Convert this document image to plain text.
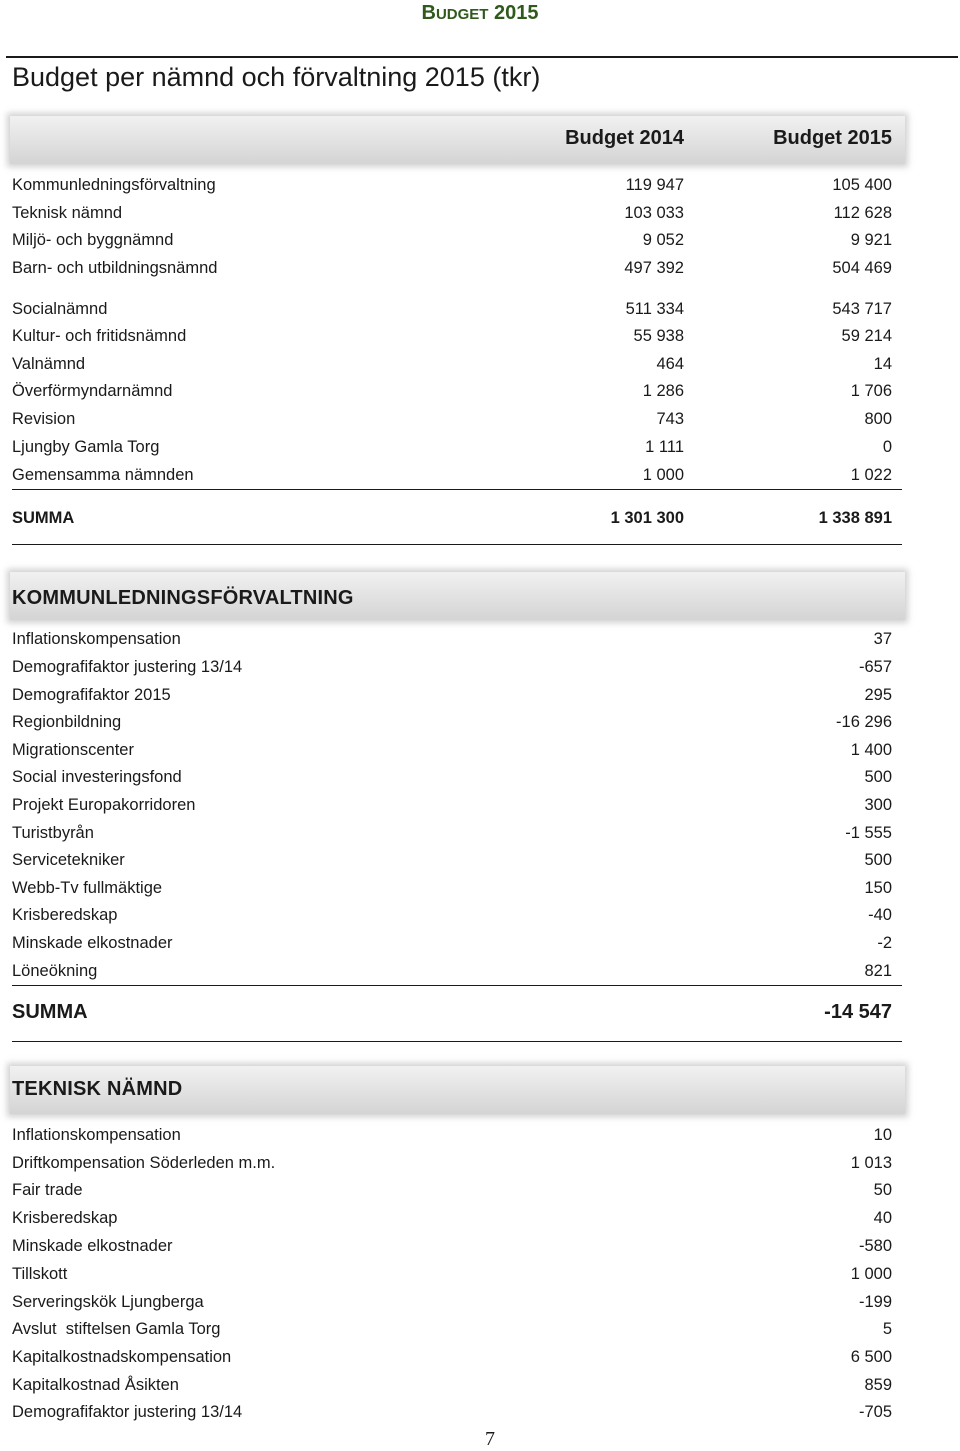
BUDGET 2015
Budget per nämnd och förvaltning 2015 (tkr)
Budget 2014	Budget 2015
Kommunledningsförvaltning	119 947	105 400
Teknisk nämnd	103 033	112 628
Miljö- och byggnämnd	9 052	9 921
Barn- och utbildningsnämnd	497 392	504 469
Socialnämnd	511 334	543 717
Kultur- och fritidsnämnd	55 938	59 214
Valnämnd	464	14
Överförmyndarnämnd	1 286	1 706
Revision	743	800
Ljungby Gamla Torg	1 111	0
Gemensamma nämnden	1 000	1 022
SUMMA	1 301 300	1 338 891
KOMMUNLEDNINGSFÖRVALTNING
Inflationskompensation	37
Demografifaktor justering 13/14	-657
Demografifaktor 2015	295
Regionbildning	-16 296
Migrationscenter	1 400
Social investeringsfond	500
Projekt Europakorridoren	300
Turistbyrån	-1 555
Servicetekniker	500
Webb-Tv fullmäktige	150
Krisberedskap	-40
Minskade elkostnader	-2
Löneökning	821
SUMMA	-14 547
TEKNISK NÄMND
Inflationskompensation	10
Driftkompensation Söderleden m.m.	1 013
Fair trade	50
Krisberedskap	40
Minskade elkostnader	-580
Tillskott	1 000
Serveringskök Ljungberga	-199
Avslut  stiftelsen Gamla Torg	5
Kapitalkostnadskompensation	6 500
Kapitalkostnad Åsikten	859
Demografifaktor justering 13/14	-705
7
